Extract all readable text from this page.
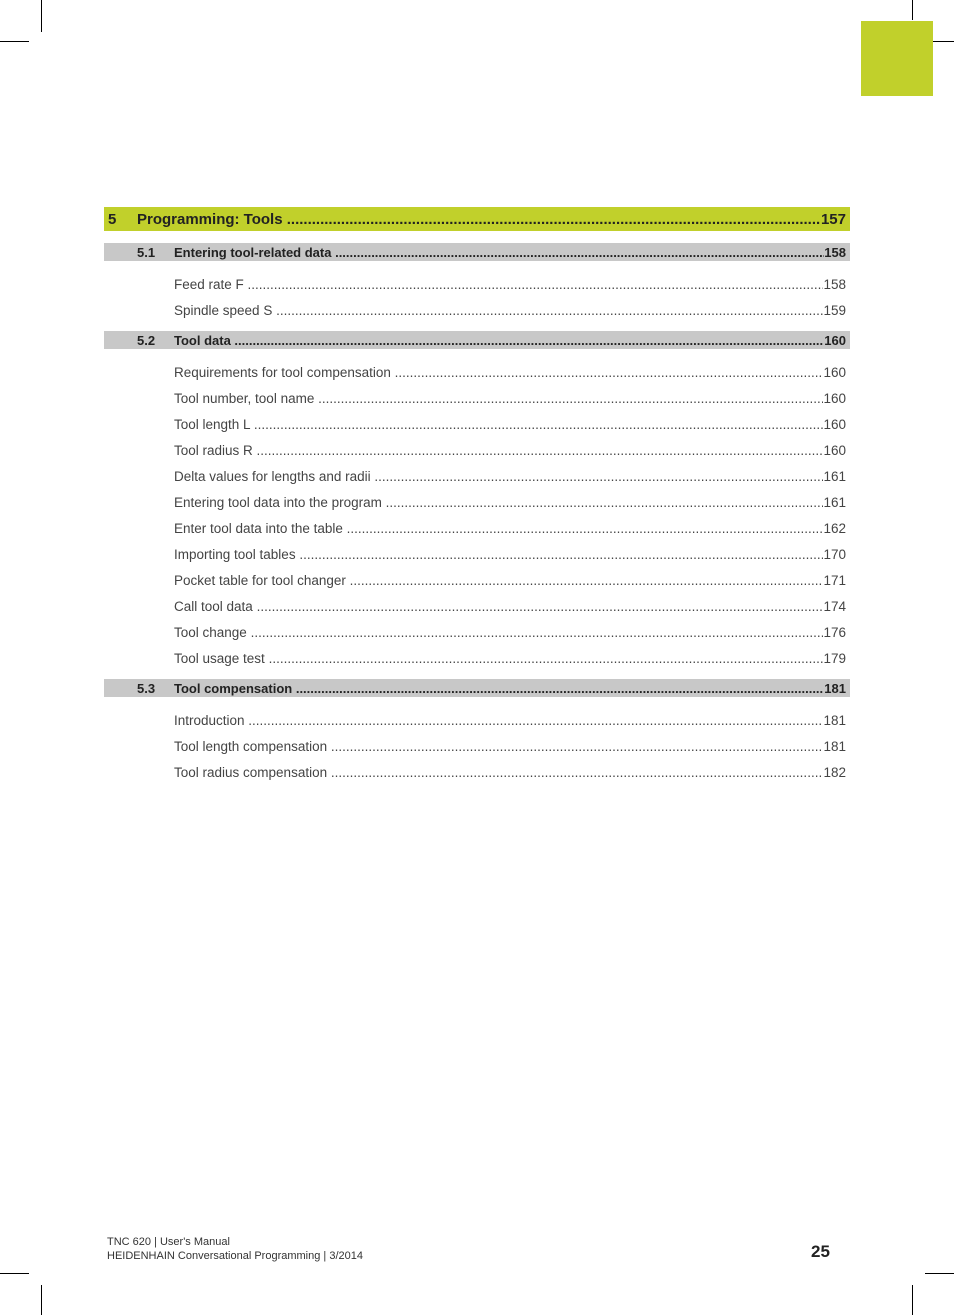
5	Programming: Tools .....	157
5.1	Entering tool-related data .....	158
Feed rate F .....	158
Spindle speed S .....	159
5.2	Tool data .....	160
Requirements for tool compensation .....	160
Tool number, tool name .....	160
Tool length L .....	160
Tool radius R .....	160
Delta values for lengths and radii .....	161
Entering tool data into the program .....	161
Enter tool data into the table .....	162
Importing tool tables .....	170
Pocket table for tool changer .....	171
Call tool data .....	174
Tool change .....	176
Tool usage test .....	179
5.3	Tool compensation .....	181
Introduction .....	181
Tool length compensation .....	181
Tool radius compensation .....	182
TNC 620 | User's Manual
HEIDENHAIN Conversational Programming | 3/2014	25
